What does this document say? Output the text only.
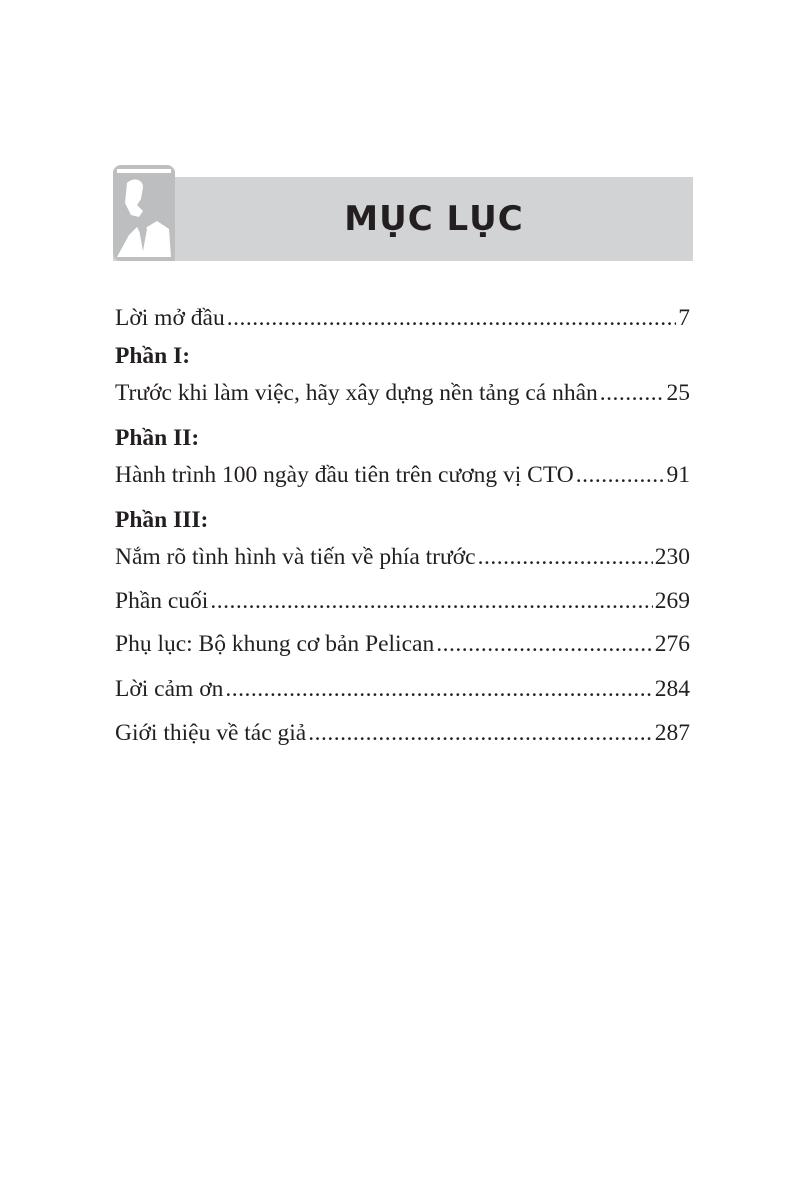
MỤC LỤC
Lời mở đầu .....	7
Phần I:
Trước khi làm việc, hãy xây dựng nền tảng cá nhân .....	25
Phần II:
Hành trình 100 ngày đầu tiên trên cương vị CTO .....	91
Phần III:
Nắm rõ tình hình và tiến về phía trước .....	230
Phần cuối .....	269
Phụ lục: Bộ khung cơ bản Pelican .....	276
Lời cảm ơn .....	284
Giới thiệu về tác giả .....	287
